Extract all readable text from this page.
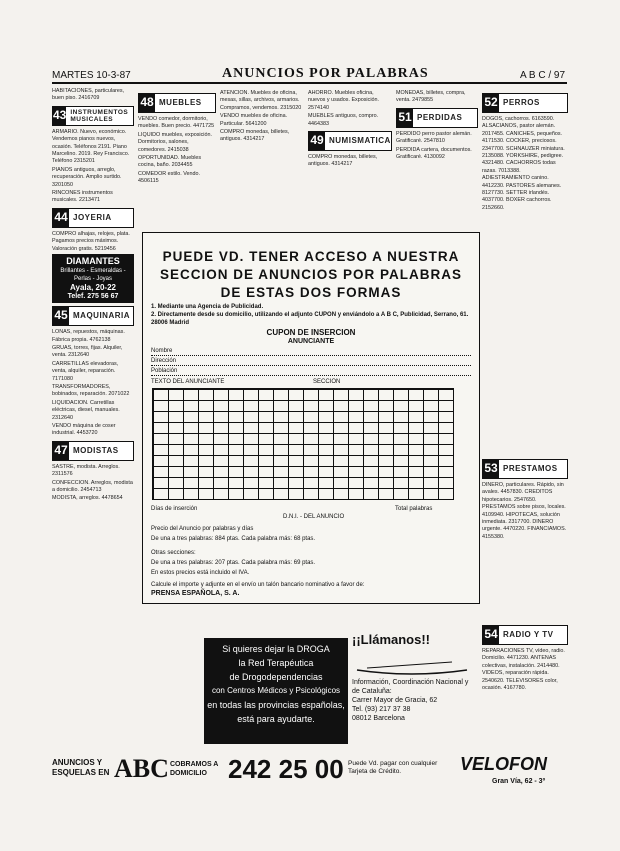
MARTES 10-3-87	ANUNCIOS POR PALABRAS	A B C / 97

HABITACIONES, particulares, buen piso. 2416709

43 INSTRUMENTOS MUSICALES

ARMARIO. Nuevo, económico. Vendemos pianos nuevos, ocasión. Teléfonos 2191. Piano Marcelino. 2019. Rey Francisco. Teléfono 2315201

PIANOS antiguos, arreglo, recuperación. Amplio surtido. 3201050

RINCONES instrumentos musicales. 2213471

44 JOYERIA

COMPRO alhajas, relojes, plata. Pagamos precios máximos. Valoración gratis. 5219456

DIAMANTES
Brillantes - Esmeraldas - Perlas - Joyas
Ayala, 20-22
Telef. 275 56 67
45 MAQUINARIA

LONAS, repuestos, máquinas. Fábrica propia. 4762138

GRUAS, torres, fijas. Alquiler, venta. 2312640

CARRETILLAS elevadoras, venta, alquiler, reparación. 7171080

TRANSFORMADORES, bobinados, reparación. 2071022

LIQUIDACION. Carretillas eléctricas, diesel, manuales. 2312640

VENDO máquina de coser industrial. 4453720

47 MODISTAS

SASTRE, modista. Arreglos. 2311576

CONFECCION. Arreglos, modista a domicilio. 2454713

MODISTA, arreglos. 4478654

48 MUEBLES

VENDO comedor, dormitorio, muebles. Buen precio. 4471725

LIQUIDO muebles, exposición. Dormitorios, salones, comedores. 2415038

OPORTUNIDAD. Muebles cocina, baño. 2034455

COMEDOR estilo. Vendo. 4506115

ATENCION. Muebles de oficina, mesas, sillas, archivos, armarios. Compramos, vendemos. 2315020

VENDO muebles de oficina. Particular. 5641200

COMPRO monedas, billetes, antiguos. 4314217

AHORRO. Muebles oficina, nuevos y usados. Exposición. 2574140

MUEBLES antiguos, compro. 4464383

49 NUMISMATICA

COMPRO monedas, billetes, antiguos. 4314217

MONEDAS, billetes, compra, venta. 2479855

51 PERDIDAS

PERDIDO perro pastor alemán. Gratificaré. 2547810

PERDIDA cartera, documentos. Gratificaré. 4130092

52 PERROS

DOGOS, cachorros. 6163590. ALSACIANOS, pastor alemán. 2017455. CANICHES, pequeños. 4171530. COCKER, preciosos. 2347700. SCHNAUZER miniatura. 2135088. YORKSHIRE, pedigree. 4321480. CACHORROS todas razas. 7013388. ADIESTRAMIENTO canino. 4412230. PASTORES alemanes. 8127730. SETTER irlandés. 4037700. BOXER cachorros. 2152660.

53 PRESTAMOS

DINERO, particulares. Rápido, sin avales. 4457830. CREDITOS hipotecarios. 2547650. PRESTAMOS sobre pisos, locales. 4109940. HIPOTECAS, solución inmediata. 2317700. DINERO urgente. 4470220. FINANCIAMOS. 4155380.

54 RADIO Y TV

REPARACIONES TV, vídeo, radio. Domicilio. 4471230. ANTENAS colectivas, instalación. 2414480. VIDEOS, reparación rápida. 2540620. TELEVISORES color, ocasión. 4167780.

PUEDE VD. TENER ACCESO A NUESTRA
SECCION DE ANUNCIOS POR PALABRAS
DE ESTAS DOS FORMAS
1. Mediante una Agencia de Publicidad.
2. Directamente desde su domicilio, utilizando el adjunto CUPON y enviándolo a A B C, Publicidad, Serrano, 61. 28006 Madrid
CUPON DE INSERCION
ANUNCIANTE
Nombre
Dirección
Población
TEXTO DEL ANUNCIANTE	SECCION
Días de inserción
D.N.I. - DEL ANUNCIO
Total palabras
Precio del Anuncio por palabras y días
De una a tres palabras: 884 ptas. Cada palabra más: 68 ptas.
Otras secciones:
De una a tres palabras: 207 ptas. Cada palabra más: 69 ptas.
En estos precios está incluido el IVA.
Calcule el importe y adjunte en el envío un talón bancario nominativo a favor de:
PRENSA ESPAÑOLA, S. A.
Si quieres dejar la DROGA
la Red Terapéutica
de Drogodependencias
con Centros Médicos y Psicológicos
en todas las provincias españolas,
está para ayudarte.
¡¡Llámanos!!
Información, Coordinación Nacional y de Cataluña:
Carrer Mayor de Gracia, 62
Tel. (93) 217 37 38
08012 Barcelona
ANUNCIOS Y ESQUELAS EN ABC COBRAMOS A DOMICILIO 242 25 00 Puede Vd. pagar con cualquier Tarjeta de Crédito.	VELOFON
Gran Vía, 62 - 3º
